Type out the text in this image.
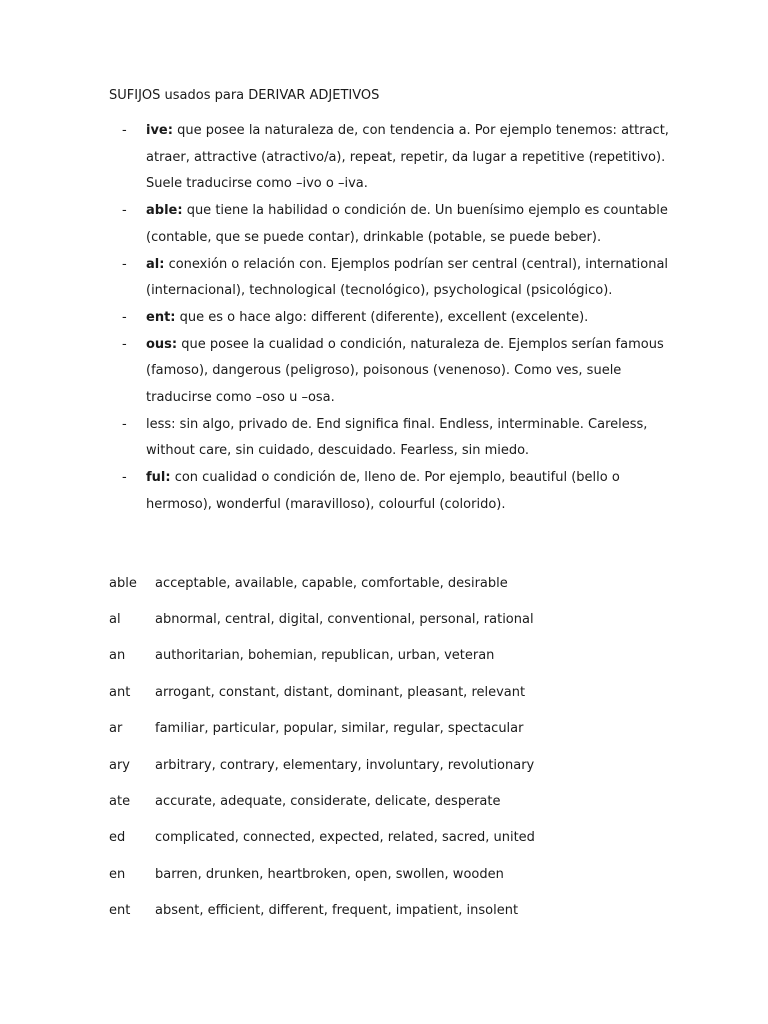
SUFIJOS usados para DERIVAR ADJETIVOS
- ive: que posee la naturaleza de, con tendencia a. Por ejemplo tenemos: attract, atraer, attractive (atractivo/a), repeat, repetir, da lugar a repetitive (repetitivo). Suele traducirse como –ivo o –iva.
- able: que tiene la habilidad o condición de. Un buenísimo ejemplo es countable (contable, que se puede contar), drinkable (potable, se puede beber).
- al: conexión o relación con. Ejemplos podrían ser central (central), international (internacional), technological (tecnológico), psychological (psicológico).
- ent: que es o hace algo: different (diferente), excellent (excelente).
- ous: que posee la cualidad o condición, naturaleza de. Ejemplos serían famous (famoso), dangerous (peligroso), poisonous (venenoso). Como ves, suele traducirse como –oso u –osa.
- less: sin algo, privado de. End significa final. Endless, interminable. Careless, without care, sin cuidado, descuidado. Fearless, sin miedo.
- ful: con cualidad o condición de, lleno de. Por ejemplo, beautiful (bello o hermoso), wonderful (maravilloso), colourful (colorido).
able	acceptable, available, capable, comfortable, desirable
al	abnormal, central, digital, conventional, personal, rational
an	authoritarian, bohemian, republican, urban, veteran
ant	arrogant, constant, distant, dominant, pleasant, relevant
ar	familiar, particular, popular, similar, regular, spectacular
ary	arbitrary, contrary, elementary, involuntary, revolutionary
ate	accurate, adequate, considerate, delicate, desperate
ed	complicated, connected, expected, related, sacred, united
en	barren, drunken, heartbroken, open, swollen, wooden
ent	absent, efficient, different, frequent, impatient, insolent
